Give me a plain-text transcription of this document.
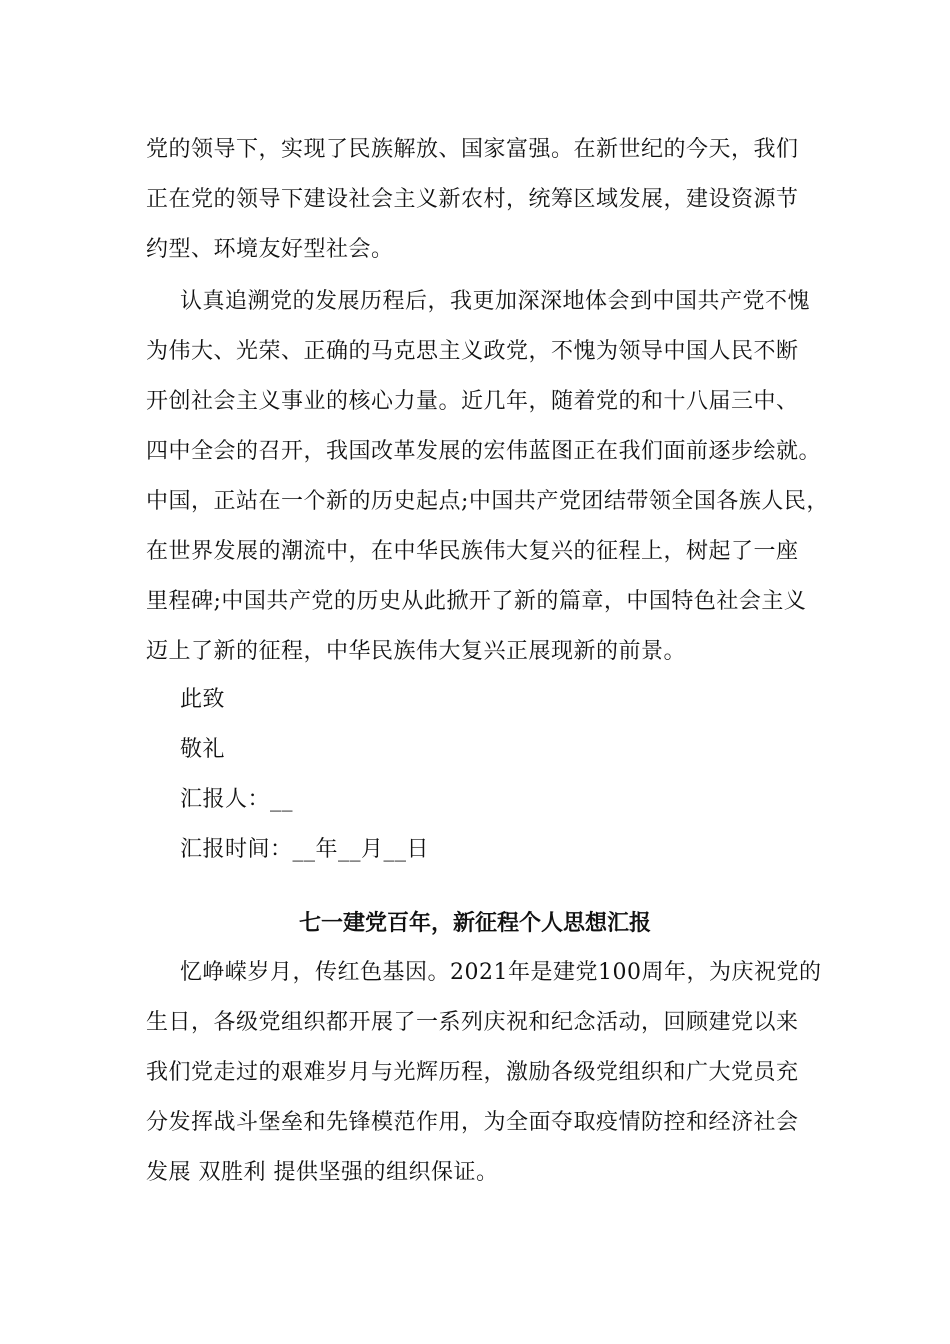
党的领导下，实现了民族解放、国家富强。在新世纪的今天，我们
正在党的领导下建设社会主义新农村，统筹区域发展，建设资源节
约型、环境友好型社会。
认真追溯党的发展历程后，我更加深深地体会到中国共产党不愧
为伟大、光荣、正确的马克思主义政党，不愧为领导中国人民不断
开创社会主义事业的核心力量。近几年，随着党的和十八届三中、
四中全会的召开，我国改革发展的宏伟蓝图正在我们面前逐步绘就。
中国，正站在一个新的历史起点;中国共产党团结带领全国各族人民，
在世界发展的潮流中，在中华民族伟大复兴的征程上，树起了一座
里程碑;中国共产党的历史从此掀开了新的篇章，中国特色社会主义
迈上了新的征程，中华民族伟大复兴正展现新的前景。
此致
敬礼
汇报人：__
汇报时间：__年__月__日
七一建党百年，新征程个人思想汇报
忆峥嵘岁月，传红色基因。2021年是建党100周年，为庆祝党的
生日，各级党组织都开展了一系列庆祝和纪念活动，回顾建党以来
我们党走过的艰难岁月与光辉历程，激励各级党组织和广大党员充
分发挥战斗堡垒和先锋模范作用，为全面夺取疫情防控和经济社会
发展 双胜利 提供坚强的组织保证。
